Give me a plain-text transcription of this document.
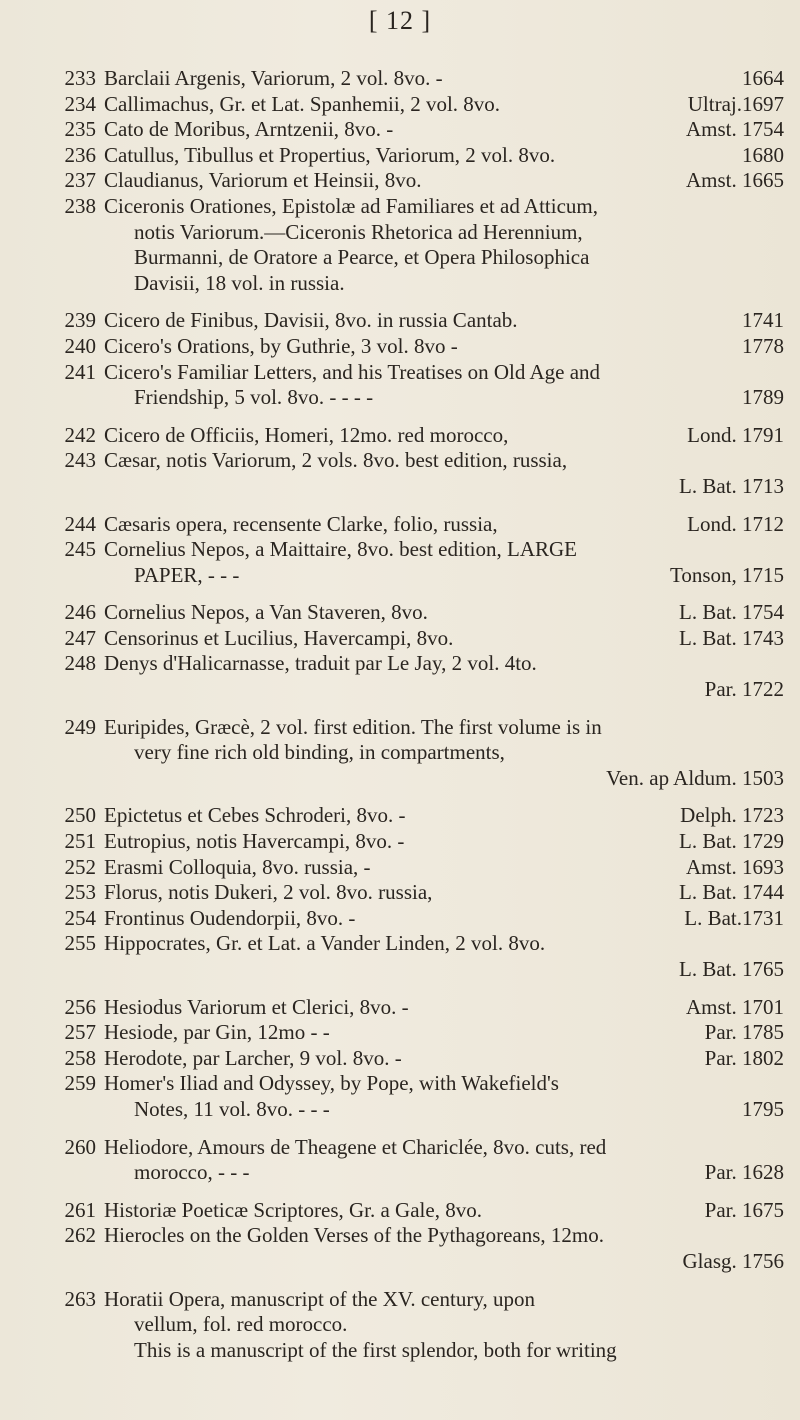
[ 12 ]
233 Barclaii Argenis, Variorum, 2 vol. 8vo. -	1664
234 Callimachus, Gr. et Lat. Spanhemii, 2 vol. 8vo.	Ultraj.1697
235 Cato de Moribus, Arntzenii, 8vo. -	Amst. 1754
236 Catullus, Tibullus et Propertius, Variorum, 2 vol. 8vo.	1680
237 Claudianus, Variorum et Heinsii, 8vo.	Amst. 1665
238 Ciceronis Orationes, Epistolæ ad Familiares et ad Atticum,
notis Variorum.—Ciceronis Rhetorica ad Herennium,
Burmanni, de Oratore a Pearce, et Opera Philosophica
Davisii, 18 vol. in russia.
239 Cicero de Finibus, Davisii, 8vo. in russia Cantab.	1741
240 Cicero's Orations, by Guthrie, 3 vol. 8vo -	1778
241 Cicero's Familiar Letters, and his Treatises on Old Age and
Friendship, 5 vol. 8vo. - - - -	1789
242 Cicero de Officiis, Homeri, 12mo. red morocco,	Lond. 1791
243 Cæsar, notis Variorum, 2 vols. 8vo. best edition, russia,
L. Bat. 1713
244 Cæsaris opera, recensente Clarke, folio, russia,	Lond. 1712
245 Cornelius Nepos, a Maittaire, 8vo. best edition, LARGE
PAPER, - - -	Tonson, 1715
246 Cornelius Nepos, a Van Staveren, 8vo.	L. Bat. 1754
247 Censorinus et Lucilius, Havercampi, 8vo.	L. Bat. 1743
248 Denys d'Halicarnasse, traduit par Le Jay, 2 vol. 4to.
Par. 1722
249 Euripides, Græcè, 2 vol. first edition. The first volume is in
very fine rich old binding, in compartments,
Ven. ap Aldum. 1503
250 Epictetus et Cebes Schroderi, 8vo. -	Delph. 1723
251 Eutropius, notis Havercampi, 8vo. -	L. Bat. 1729
252 Erasmi Colloquia, 8vo. russia, -	Amst. 1693
253 Florus, notis Dukeri, 2 vol. 8vo. russia,	L. Bat. 1744
254 Frontinus Oudendorpii, 8vo. -	L. Bat.1731
255 Hippocrates, Gr. et Lat. a Vander Linden, 2 vol. 8vo.
L. Bat. 1765
256 Hesiodus Variorum et Clerici, 8vo. -	Amst. 1701
257 Hesiode, par Gin, 12mo - -	Par. 1785
258 Herodote, par Larcher, 9 vol. 8vo. -	Par. 1802
259 Homer's Iliad and Odyssey, by Pope, with Wakefield's
Notes, 11 vol. 8vo. - - -	1795
260 Heliodore, Amours de Theagene et Chariclée, 8vo. cuts, red
morocco, - - -	Par. 1628
261 Historiæ Poeticæ Scriptores, Gr. a Gale, 8vo.	Par. 1675
262 Hierocles on the Golden Verses of the Pythagoreans, 12mo.
Glasg. 1756
263 Horatii Opera, manuscript of the XV. century, upon
vellum, fol. red morocco.
This is a manuscript of the first splendor, both for writing
